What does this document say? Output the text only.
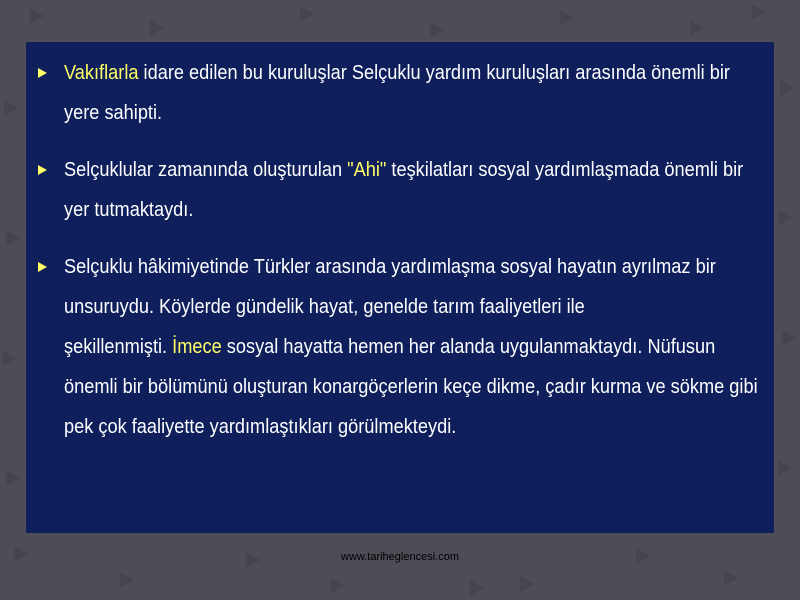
Vakıflarla idare edilen bu kuruluşlar Selçuklu yardım kuruluşları arasında önemli bir
yere sahipti.
Selçuklular zamanında oluşturulan "Ahi" teşkilatları sosyal yardımlaşmada önemli bir
yer tutmaktaydı.
Selçuklu hâkimiyetinde Türkler arasında yardımlaşma sosyal hayatın ayrılmaz bir
unsuruydu. Köylerde gündelik hayat, genelde tarım faaliyetleri ile
şekillenmişti. İmece sosyal hayatta hemen her alanda uygulanmaktaydı. Nüfusun
önemli bir bölümünü oluşturan konargöçerlerin keçe dikme, çadır kurma ve sökme gibi
pek çok faaliyette yardımlaştıkları görülmekteydi.
www.tariheglencesi.com
